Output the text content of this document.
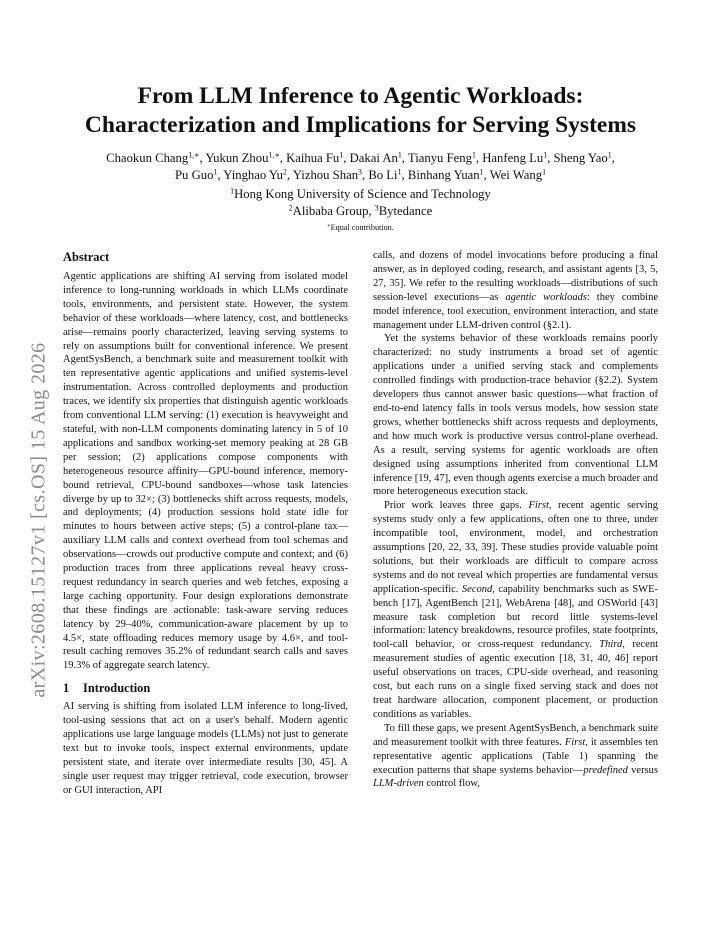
arXiv:2608.15127v1 [cs.OS] 15 Aug 2026
From LLM Inference to Agentic Workloads:
Characterization and Implications for Serving Systems
Chaokun Chang$^{1,∗}$, Yukun Zhou$^{1,∗}$, Kaihua Fu$^1$, Dakai An$^1$, Tianyu Feng$^1$, Hanfeng Lu$^1$, Sheng Yao$^1$,
Pu Guo$^1$, Yinghao Yu$^2$, Yizhou Shan$^3$, Bo Li$^1$, Binhang Yuan$^1$, Wei Wang$^1$
$^1$Hong Kong University of Science and Technology
$^2$Alibaba Group, $^3$Bytedance
∗Equal contribution.
Abstract

Agentic applications are shifting AI serving from isolated model inference to long-running workloads in which LLMs coordinate tools, environments, and persistent state. However, the system behavior of these workloads—where latency, cost, and bottlenecks arise—remains poorly characterized, leaving serving systems to rely on assumptions built for conventional inference. We present AgentSysBench, a benchmark suite and measurement toolkit with ten representative agentic applications and unified systems-level instrumentation. Across controlled deployments and production traces, we identify six properties that distinguish agentic workloads from conventional LLM serving: (1) execution is heavyweight and stateful, with non-LLM components dominating latency in 5 of 10 applications and sandbox working-set memory peaking at 28 GB per session; (2) applications compose components with heterogeneous resource affinity—GPU-bound inference, memory-bound retrieval, CPU-bound sandboxes—whose task latencies diverge by up to 32×; (3) bottlenecks shift across requests, models, and deployments; (4) production sessions hold state idle for minutes to hours between active steps; (5) a control-plane tax—auxiliary LLM calls and context overhead from tool schemas and observations—crowds out productive compute and context; and (6) production traces from three applications reveal heavy cross-request redundancy in search queries and web fetches, exposing a large caching opportunity. Four design explorations demonstrate that these findings are actionable: task-aware serving reduces latency by 29–40%, communication-aware placement by up to 4.5×, state offloading reduces memory usage by 4.6×, and tool-result caching removes 35.2% of redundant search calls and saves 19.3% of aggregate search latency.

1 Introduction

AI serving is shifting from isolated LLM inference to long-lived, tool-using sessions that act on a user's behalf. Modern agentic applications use large language models (LLMs) not just to generate text but to invoke tools, inspect external environments, update persistent state, and iterate over intermediate results [30, 45]. A single user request may trigger retrieval, code execution, browser or GUI interaction, API

calls, and dozens of model invocations before producing a final answer, as in deployed coding, research, and assistant agents [3, 5, 27, 35]. We refer to the resulting workloads—distributions of such session-level executions—as agentic workloads: they combine model inference, tool execution, environment interaction, and state management under LLM-driven control (§2.1).

Yet the systems behavior of these workloads remains poorly characterized: no study instruments a broad set of agentic applications under a unified serving stack and complements controlled findings with production-trace behavior (§2.2). System developers thus cannot answer basic questions—what fraction of end-to-end latency falls in tools versus models, how session state grows, whether bottlenecks shift across requests and deployments, and how much work is productive versus control-plane overhead. As a result, serving systems for agentic workloads are often designed using assumptions inherited from conventional LLM inference [19, 47], even though agents exercise a much broader and more heterogeneous execution stack.

Prior work leaves three gaps. First, recent agentic serving systems study only a few applications, often one to three, under incompatible tool, environment, model, and orchestration assumptions [20, 22, 33, 39]. These studies provide valuable point solutions, but their workloads are difficult to compare across systems and do not reveal which properties are fundamental versus application-specific. Second, capability benchmarks such as SWE-bench [17], AgentBench [21], WebArena [48], and OSWorld [43] measure task completion but record little systems-level information: latency breakdowns, resource profiles, state footprints, tool-call behavior, or cross-request redundancy. Third, recent measurement studies of agentic execution [18, 31, 40, 46] report useful observations on traces, CPU-side overhead, and reasoning cost, but each runs on a single fixed serving stack and does not treat hardware allocation, component placement, or production conditions as variables.

To fill these gaps, we present AgentSysBench, a benchmark suite and measurement toolkit with three features. First, it assembles ten representative agentic applications (Table 1) spanning the execution patterns that shape systems behavior—predefined versus LLM-driven control flow,
